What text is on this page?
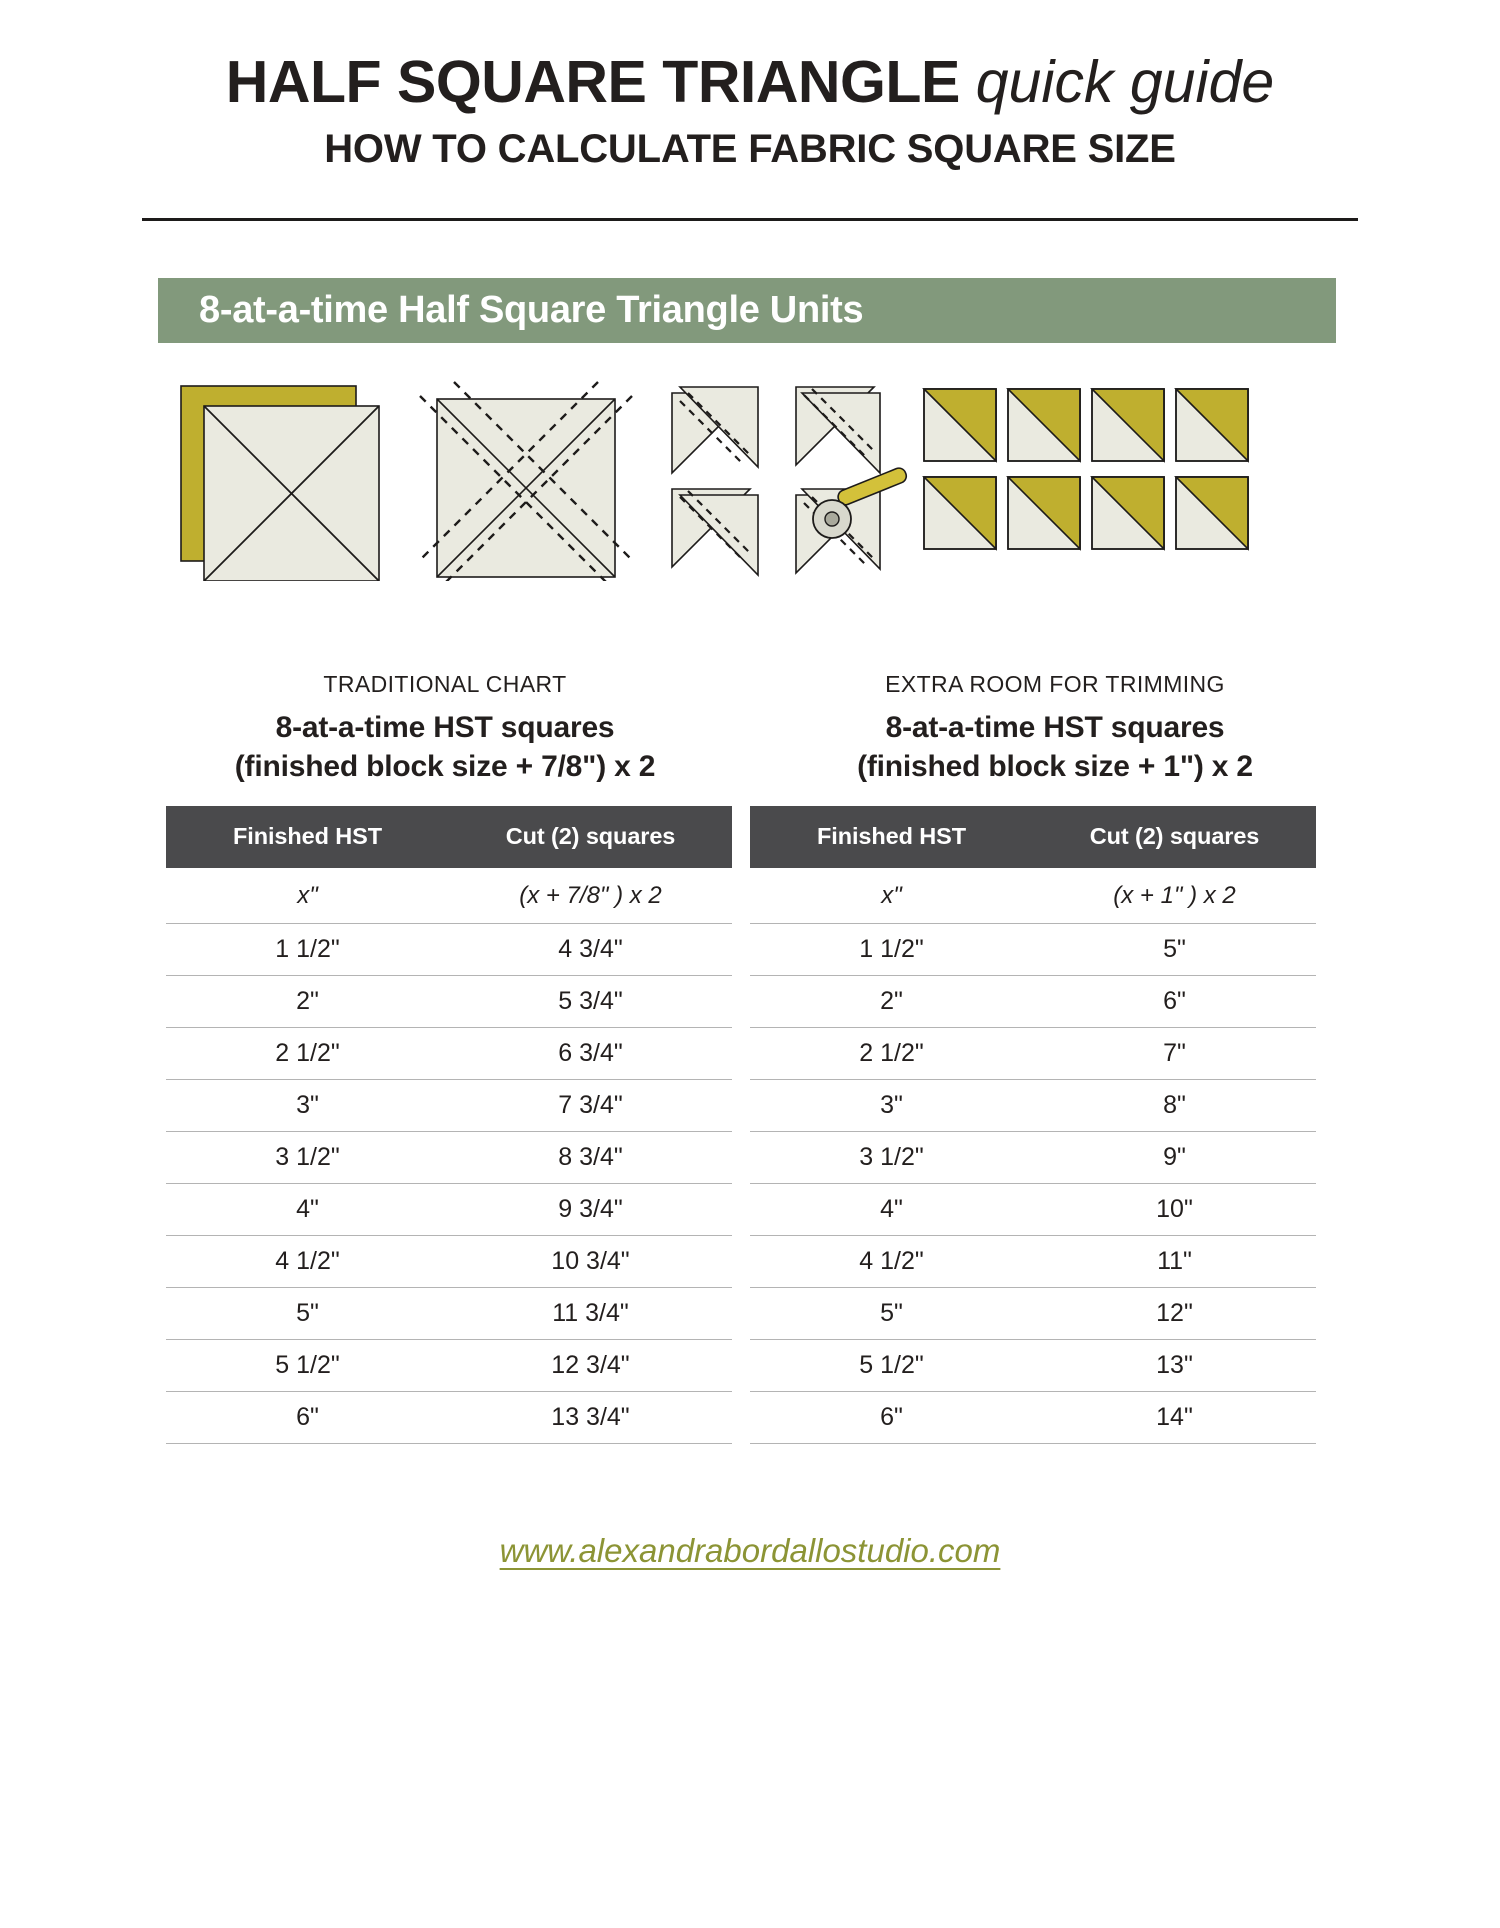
HALF SQUARE TRIANGLE quick guide
HOW TO CALCULATE FABRIC SQUARE SIZE
8-at-a-time Half Square Triangle Units
TRADITIONAL CHART
8-at-a-time HST squares
(finished block size + 7/8") x 2
Finished HST	Cut (2) squares
x"	(x + 7/8" ) x 2
1 1/2"	4 3/4"
2"	5 3/4"
2 1/2"	6 3/4"
3"	7 3/4"
3 1/2"	8 3/4"
4"	9 3/4"
4 1/2"	10 3/4"
5"	11 3/4"
5 1/2"	12 3/4"
6"	13 3/4"
EXTRA ROOM FOR TRIMMING
8-at-a-time HST squares
(finished block size + 1") x 2
Finished HST	Cut (2) squares
x"	(x + 1" ) x 2
1 1/2"	5"
2"	6"
2 1/2"	7"
3"	8"
3 1/2"	9"
4"	10"
4 1/2"	11"
5"	12"
5 1/2"	13"
6"	14"
www.alexandrabordallostudio.com
